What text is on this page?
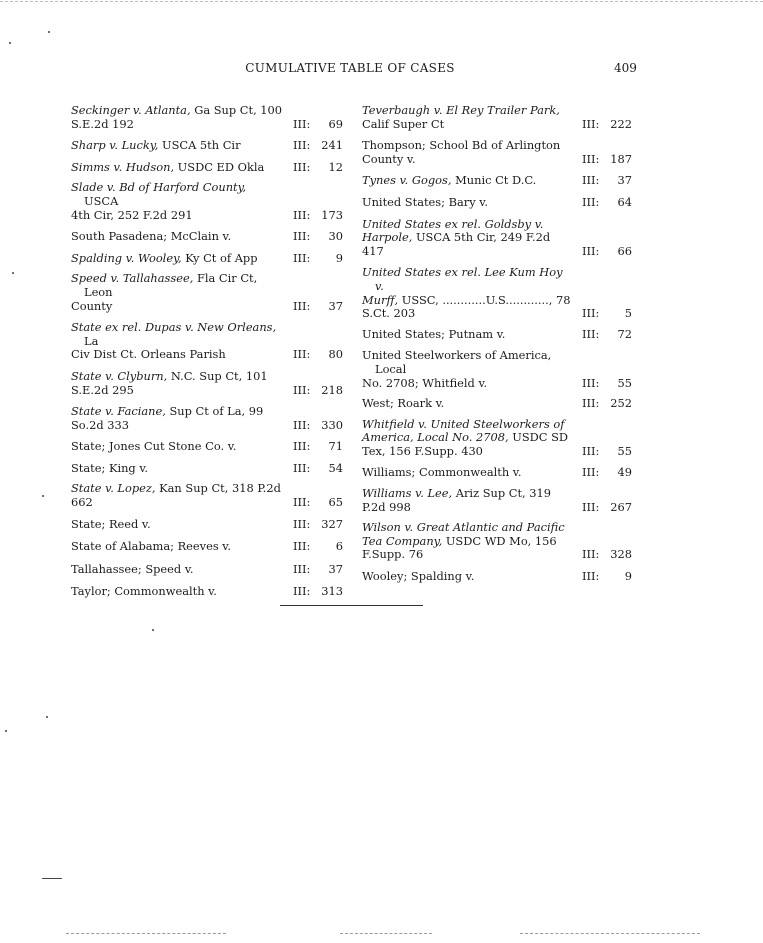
CUMULATIVE TABLE OF CASES	409
Seckinger v. Atlanta, Ga Sup Ct, 100
S.E.2d 192	III: 69
Sharp v. Lucky, USCA 5th Cir	III: 241
Simms v. Hudson, USDC ED Okla	III: 12
Slade v. Bd of Harford County, USCA
4th Cir, 252 F.2d 291	III: 173
South Pasadena; McClain v.	III: 30
Spalding v. Wooley, Ky Ct of App	III: 9
Speed v. Tallahassee, Fla Cir Ct, Leon
County	III: 37
State ex rel. Dupas v. New Orleans, La
Civ Dist Ct. Orleans Parish	III: 80
State v. Clyburn, N.C. Sup Ct, 101
S.E.2d 295	III: 218
State v. Faciane, Sup Ct of La, 99
So.2d 333	III: 330
State; Jones Cut Stone Co. v.	III: 71
State; King v.	III: 54
State v. Lopez, Kan Sup Ct, 318 P.2d
662	III: 65
State; Reed v.	III: 327
State of Alabama; Reeves v.	III: 6
Tallahassee; Speed v.	III: 37
Taylor; Commonwealth v.	III: 313
Teverbaugh v. El Rey Trailer Park,
Calif Super Ct	III: 222
Thompson; School Bd of Arlington
County v.	III: 187
Tynes v. Gogos, Munic Ct D.C.	III: 37
United States; Bary v.	III: 64
United States ex rel. Goldsby v.
Harpole, USCA 5th Cir, 249 F.2d
417	III: 66
United States ex rel. Lee Kum Hoy v.
Murff, USSC, ............U.S............, 78
S.Ct. 203	III: 5
United States; Putnam v.	III: 72
United Steelworkers of America, Local
No. 2708; Whitfield v.	III: 55
West; Roark v.	III: 252
Whitfield v. United Steelworkers of
America, Local No. 2708, USDC SD
Tex, 156 F.Supp. 430	III: 55
Williams; Commonwealth v.	III: 49
Williams v. Lee, Ariz Sup Ct, 319
P.2d 998	III: 267
Wilson v. Great Atlantic and Pacific
Tea Company, USDC WD Mo, 156
F.Supp. 76	III: 328
Wooley; Spalding v.	III: 9
